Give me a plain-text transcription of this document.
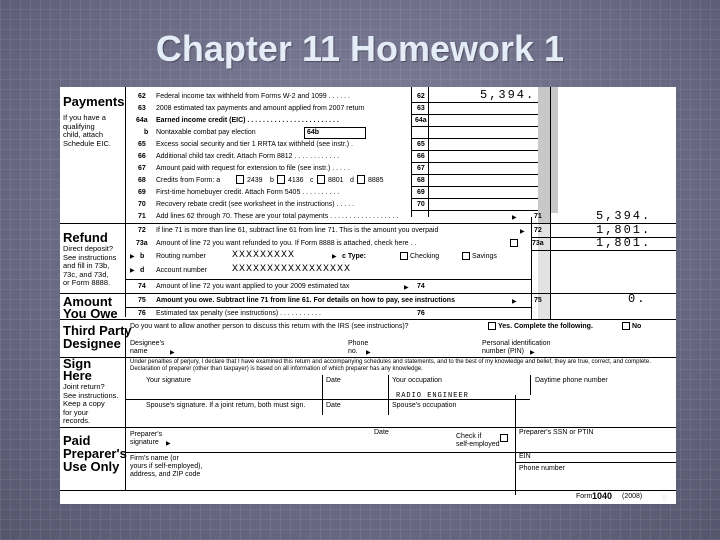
Chapter 11 Homework 1
Payments
If you have a
qualifying
child, attach
Schedule EIC.
Refund
Direct deposit?
See instructions
and fill in 73b,
73c, and 73d,
or Form 8888.
Amount
You Owe
Third Party
Designee
Sign
Here
Joint return?
See instructions.
Keep a copy
for your
records.
Paid
Preparer's
Use Only
62 Federal income tax withheld from Forms W-2 and 1099 . . . . . .	62	5,394.
63 2008 estimated tax payments and amount applied from 2007 return	63
64a Earned income credit (EIC) . . . . . . . . . . . . . . . . . . . . . . . .	64a
b Nontaxable combat pay election	64b
65 Excess social security and tier 1 RRTA tax withheld (see instr.) .	65
66 Additional child tax credit. Attach Form 8812 . . . . . . . . . . . .	66
67 Amount paid with request for extension to file (see instr.) . . . . .	67
68 Credits from Form: a	2439 b 4136 c 8801 d 8885	68
69 First-time homebuyer credit. Attach Form 5405 . . . . . . . . . .	69
70 Recovery rebate credit (see worksheet in the instructions) . . . . .	70
71 Add lines 62 through 70. These are your total payments . . . . . . . . . . . . . . . . . .	▶ 71	5,394.
72 If line 71 is more than line 61, subtract line 61 from line 71. This is the amount you overpaid	▶ 72	1,801.
73a Amount of line 72 you want refunded to you. If Form 8888 is attached, check here . .	73a	1,801.
▶ b Routing number	XXXXXXXXX	▶ c Type:	Checking	Savings
▶ d Account number	XXXXXXXXXXXXXXXXX
74 Amount of line 72 you want applied to your 2009 estimated tax	▶ 74
75 Amount you owe. Subtract line 71 from line 61. For details on how to pay, see instructions	▶ 75	0.
76 Estimated tax penalty (see instructions) . . . . . . . . . . .	76
Do you want to allow another person to discuss this return with the IRS (see instructions)?	Yes. Complete the following.	No
Designee's
name	▶
Phone
no.	▶
Personal identification
number (PIN) ▶
Under penalties of perjury, I declare that I have examined this return and accompanying schedules and statements, and to the best of my knowledge and belief, they are true, correct, and complete. Declaration of preparer (other than taxpayer) is based on all information of which preparer has any knowledge.
Your signature	Date	Your occupation	Daytime phone number
RADIO ENGINEER
Spouse's signature. If a joint return, both must sign.	Date	Spouse's occupation
Preparer's
signature	▶
Date
Check if
self-employed
Preparer's SSN or PTIN
Firm's name (or
yours if self-employed),
address, and ZIP code
EIN
Phone number
Form 1040 (2008) 8
